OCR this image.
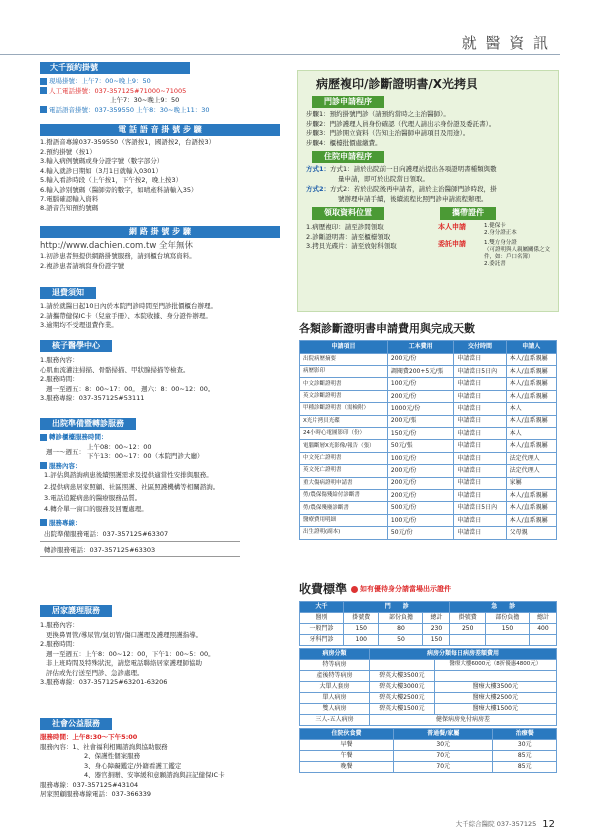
就 醫 資 訊
大千預約掛號
現場掛號：上午7：00~晚上9：50
人工電話掛號：037-357125#71000~71005
上午7：30~晚上9：50
電話語音掛號：037-359550 上午8：30~晚上11：30
電 話 語 音 掛 號 步 驟
1.撥語音專線037-359550（客語按1，國語按2，台語按3）
2.預約掛號（按1）
3.輸入病例號碼或身分證字號（數字部分）
4.輸入就診日期如（3月1日就輸入0301）
5.輸入看診時段（上午按1，下午按2，晚上按3）
6.輸入診別號碼（醫師旁的數字，如晴產科請輸入35）
7.電腦確認輸入資料
8.語音告知預約號碼
網 路 掛 號 步 驟
http://www.dachien.com.tw 全年無休
1.初診患者無提供網路掛號服務，請到櫃台填寫資料。
2.複診患者請填寫身份證字號
退費須知
1.請於就醫日起10日內於本院門診時間至門診批價櫃台辦理。
2.請攜帶健保IC卡（兒童手冊）、本院收據、身分證件辦理。
3.逾期均不受理退費作業。
核子醫學中心
1.服務內容：
心肌血流灌注掃描、骨骼掃描、甲狀腺掃描等檢查。
2.服務時間：
週一至週五：8：00~17：00。 週六：8：00~12：00。
3.服務專線：037-357125#53111
出院準備暨轉診服務
轉診櫃檯服務時間：
週一～週五：
上午08：00~12：00
下午13：00~17：00（本院門診大廳）
服務內容：
1.評估與諮詢病患後續照護需求及提供適當性安排與服務。
2.提供病患居家照顧、社區照護、社區照護機構等相關諮詢。
3.電話追蹤病患的醫療服務品質。
4.轉介單一窗口的服務及回覆處理。
服務專線：
出院準備服務電話：037-357125#63307
轉診服務電話：037-357125#63303
居家護理服務
1.服務內容：
更換鼻胃管/導尿管/氣切管/傷口護理及護理照護指導。
2.服務時間：
週一至週五：上午8：00~12：00，下午1：00~5：00。
非上班時間及特殊狀況，請您電話聯絡居家護理師協助
評估或先行送至門診、急診處理。
3.服務專線：037-357125#63201-63206
社會公益服務
服務時間：上午8:30～下午5:00
服務內容：1、社會福利相關諮詢與協助服務
2、保護性個案服務
3、身心障礙鑑定/外籍看護工鑑定
4、器官捐贈、安寧緩和意願諮詢與註記健保IC卡
服務專線：037-357125#43104
居家照顧服務專線電話：037-366339
病歷複印/診斷證明書/X光拷貝
門診申請程序
步驟1：預約掛號門診（請預約當時之主治醫師）。
步驟2：門診護理人員身份確認（代理人請出示身份證及委託書）。
步驟3：門診開立資料（告知主治醫師申請項目及用途）。
步驟4：櫃檯批價處繳費。
住院申請程序
方式1：方式1：請於出院前一日向護理站提出各項證明書種類與數
量申請，即可於出院當日領取。
方式2：方式2：若於出院後再申請者，請於主治醫師門診時段，掛
號辦理申請手續，後續流程比照門診申請流程辦理。
領取資料位置
1.病歷複印：請至診間領取
2.診斷證明書：請至櫃檯領取
3.拷貝光碟片：請至放射科領取
攜帶證件
本人申請	1.健保卡
2.身分證正本
委託申請	1.雙方身分證
（可證明與人親屬關係之文件，如：戶口名簿）
2.委託書
各類診斷證明書申請費用與完成天數
申請項目	工本費用	交付時間	申請人
出院病歷摘要	200元/份	申請當日	本人/直系親屬
病歷影印	調閱費200+5元/張	申請當日5日內	本人/直系親屬
中文診斷證明書	100元/份	申請當日	本人/直系親屬
英文診斷證明書	200元/份	申請當日	本人/直系親屬
甲種診斷證明書（需檢附）	1000元/份	申請當日	本人
X光片拷貝光碟	200元/張	申請當日	本人/直系親屬
24小時心電圖影印（份）	150元/份	申請當日	本人
電腦斷層X光影像/報告（張）	50元/張	申請當日	本人/直系親屬
中文死亡證明書	100元/份	申請當日	法定代理人
英文死亡證明書	200元/份	申請當日	法定代理人
重大傷病證明申請書	200元/份	申請當日	家屬
勞/農保傷殘給付診斷書	200元/份	申請當日	本人/直系親屬
勞/農保殘廢診斷書	500元/份	申請當日5日內	本人/直系親屬
醫療費用明細	100元/份	申請當日	本人/直系親屬
出生證明(副本)	50元/份	申請當日	父母親
收費標準	如有優待身分請當場出示證件
大千	門　　 診			急　　 診		
醫別	掛號費	部份負擔	總計	掛號費	部份負擔	總計
一般門診	150	80	230	250	150	400
牙科門診	100	50	150			
病房分類	病房分類每日病房差額費用	
特等病房		醫療大樓6000元（8折優惠4800元）
產後特等病房	碧英大樓3500元	
大單人套房	碧英大樓3000元	醫療大樓3500元
單人病房	碧英大樓2500元	醫療大樓2500元
雙人病房	碧英大樓1500元	醫療大樓1500元
三人-五人病房	健保病房免付病房差	
住院伙食費	普通餐/家屬	治療餐
早餐	30元	30元
午餐	70元	85元
晚餐	70元	85元
大千綜合醫院 037-357125 12
